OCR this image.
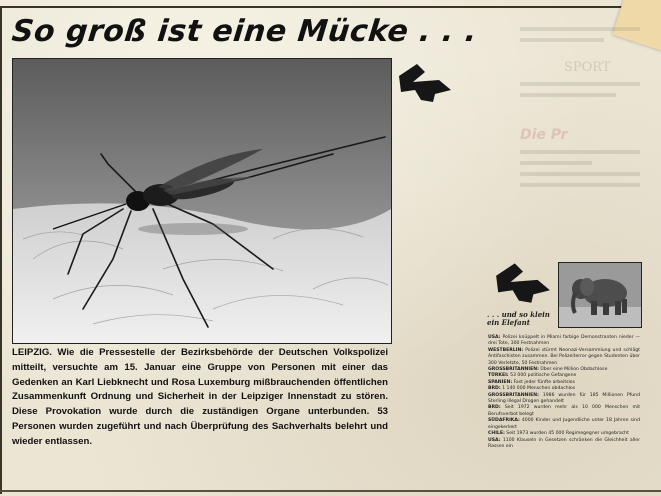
SPORT
Die Pr
So groß ist eine Mücke . . .

. . . und so klein
ein Elefant

LEIPZIG. Wie die Pressestelle der Bezirksbehörde der Deutschen Volkspolizei mitteilt, versuchte am 15. Januar eine Gruppe von Personen mit einer das Gedenken an Karl Liebknecht und Rosa Luxemburg mißbrauchenden öffentlichen Zusammenkunft Ordnung und Sicherheit in der Leipziger Innenstadt zu stören. Diese Provokation wurde durch die zuständigen Organe unterbunden. 53 Personen wurden zugeführt und nach Überprüfung des Sachverhalts belehrt und wieder entlassen.

USA: Polizei knüppelt in Miami farbige Demonstranten nieder — drei Tote, 300 Festnahmen
WESTBERLIN: Polizei stürmt Neonazi-Versammlung und schlägt Antifaschisten zusammen. Bei Polizeiterror gegen Studenten über 300 Verletzte, 50 Festnahmen
GROSSBRITANNIEN: Über eine Million Obdachlose
TÜRKEI: 53 000 politische Gefangene
SPANIEN: Fast jeder fünfte arbeitslos
BRD: 1 140 000 Menschen obdachlos
GROSSBRITANNIEN: 1986 wurden für 185 Millionen Pfund Sterling illegal Drogen gehandelt
BRD: Seit 1972 wurden mehr als 10 000 Menschen mit Berufsverbot belegt
SÜDAFRIKA: 4000 Kinder und Jugendliche unter 18 Jahren sind eingekerkert
CHILE: Seit 1973 wurden 45 000 Regimegegner umgebracht
USA: 1100 Klauseln in Gesetzen schränken die Gleichheit aller Rassen ein
